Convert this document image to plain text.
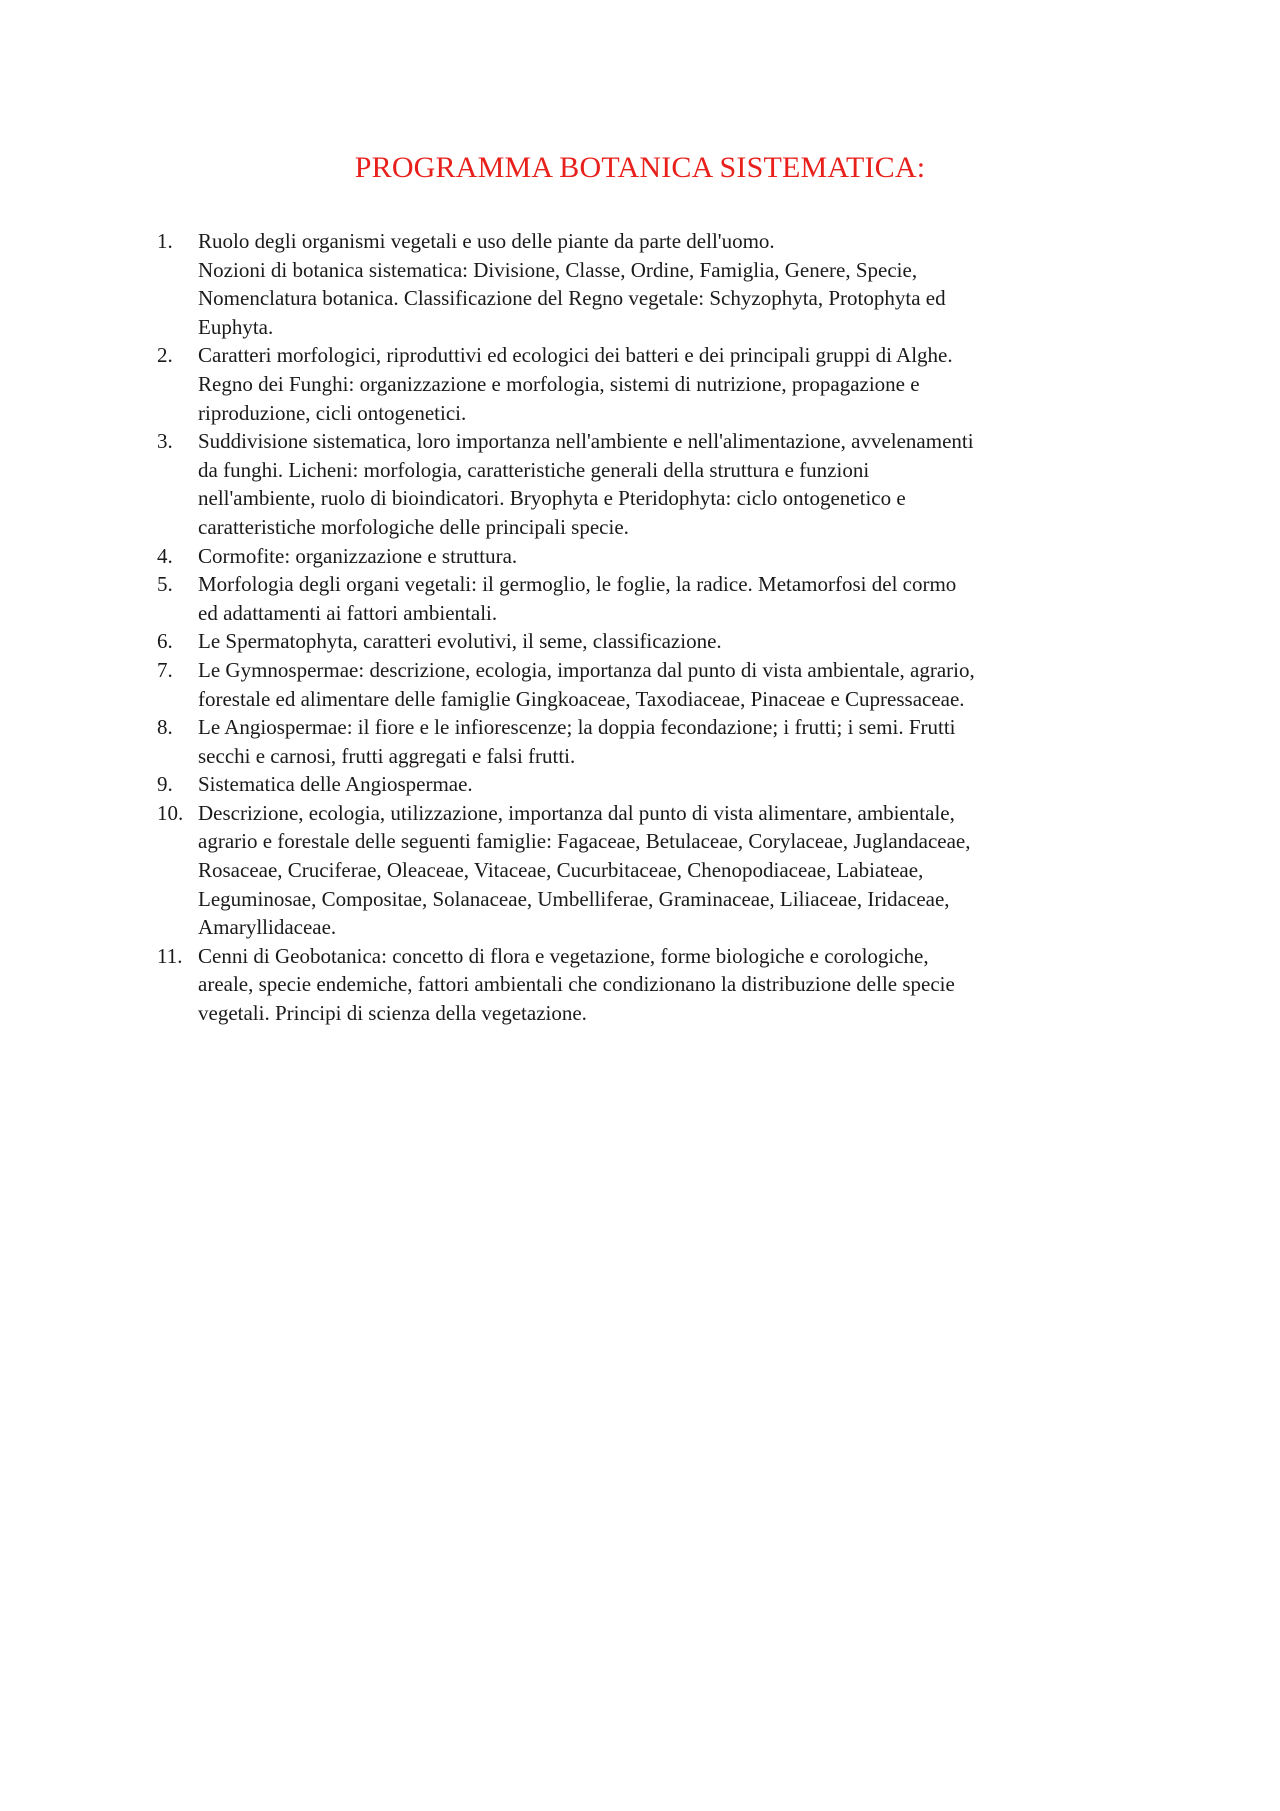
PROGRAMMA BOTANICA SISTEMATICA:
1.	Ruolo degli organismi vegetali e uso delle piante da parte dell'uomo.
Nozioni di botanica sistematica: Divisione, Classe, Ordine, Famiglia, Genere, Specie,
Nomenclatura botanica. Classificazione del Regno vegetale: Schyzophyta, Protophyta ed
Euphyta.
2.	Caratteri morfologici, riproduttivi ed ecologici dei batteri e dei principali gruppi di Alghe.
Regno dei Funghi: organizzazione e morfologia, sistemi di nutrizione, propagazione e
riproduzione, cicli ontogenetici.
3.	Suddivisione sistematica, loro importanza nell'ambiente e nell'alimentazione, avvelenamenti
da funghi. Licheni: morfologia, caratteristiche generali della struttura e funzioni
nell'ambiente, ruolo di bioindicatori. Bryophyta e Pteridophyta: ciclo ontogenetico e
caratteristiche morfologiche delle principali specie.
4.	Cormofite: organizzazione e struttura.
5.	Morfologia degli organi vegetali: il germoglio, le foglie, la radice. Metamorfosi del cormo
ed adattamenti ai fattori ambientali.
6.	Le Spermatophyta, caratteri evolutivi, il seme, classificazione.
7.	Le Gymnospermae: descrizione, ecologia, importanza dal punto di vista ambientale, agrario,
forestale ed alimentare delle famiglie Gingkoaceae, Taxodiaceae, Pinaceae e Cupressaceae.
8.	Le Angiospermae: il fiore e le infiorescenze; la doppia fecondazione; i frutti; i semi. Frutti
secchi e carnosi, frutti aggregati e falsi frutti.
9.	Sistematica delle Angiospermae.
10. Descrizione, ecologia, utilizzazione, importanza dal punto di vista alimentare, ambientale,
agrario e forestale delle seguenti famiglie: Fagaceae, Betulaceae, Corylaceae, Juglandaceae,
Rosaceae, Cruciferae, Oleaceae, Vitaceae, Cucurbitaceae, Chenopodiaceae, Labiateae,
Leguminosae, Compositae, Solanaceae, Umbelliferae, Graminaceae, Liliaceae, Iridaceae,
Amaryllidaceae.
11. Cenni di Geobotanica: concetto di flora e vegetazione, forme biologiche e corologiche,
areale, specie endemiche, fattori ambientali che condizionano la distribuzione delle specie
vegetali. Principi di scienza della vegetazione.
